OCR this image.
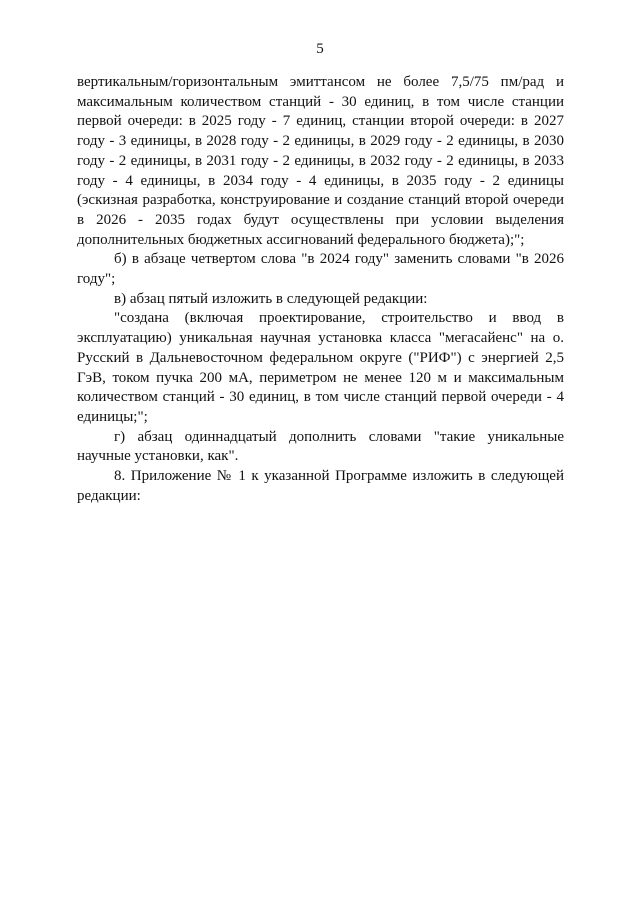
5

вертикальным/горизонтальным эмиттансом не более 7,5/75 пм/рад и максимальным количеством станций - 30 единиц, в том числе станции первой очереди: в 2025 году - 7 единиц, станции второй очереди: в 2027 году - 3 единицы, в 2028 году - 2 единицы, в 2029 году - 2 единицы, в 2030 году - 2 единицы, в 2031 году - 2 единицы, в 2032 году - 2 единицы, в 2033 году - 4 единицы, в 2034 году - 4 единицы, в 2035 году - 2 единицы (эскизная разработка, конструирование и создание станций второй очереди в 2026 - 2035 годах будут осуществлены при условии выделения дополнительных бюджетных ассигнований федерального бюджета);";

б) в абзаце четвертом слова "в 2024 году" заменить словами "в 2026 году";

в) абзац пятый изложить в следующей редакции:

"создана (включая проектирование, строительство и ввод в эксплуатацию) уникальная научная установка класса "мегасайенс" на о. Русский в Дальневосточном федеральном округе ("РИФ") с энергией 2,5 ГэВ, током пучка 200 мА, периметром не менее 120 м и максимальным количеством станций - 30 единиц, в том числе станций первой очереди - 4 единицы;";

г) абзац одиннадцатый дополнить словами "такие уникальные научные установки, как".

8. Приложение № 1 к указанной Программе изложить в следующей редакции:
